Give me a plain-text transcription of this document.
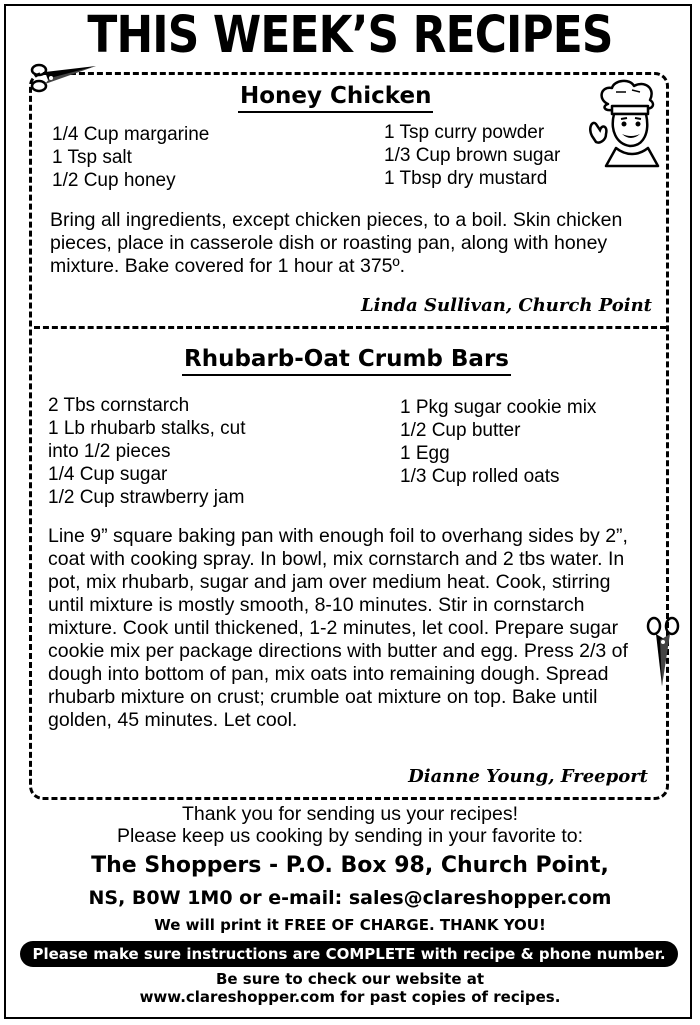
THIS WEEK’S RECIPES
Honey Chicken
1/4 Cup margarine
1 Tsp salt
1/2 Cup honey
1 Tsp curry powder
1/3 Cup brown sugar
1 Tbsp dry mustard
Bring all ingredients, except chicken pieces, to a boil. Skin chicken pieces, place in casserole dish or roasting pan, along with honey mixture. Bake covered for 1 hour at 375º.
Linda Sullivan, Church Point
Rhubarb-Oat Crumb Bars
2 Tbs cornstarch
1 Lb rhubarb stalks, cut
into 1/2 pieces
1/4 Cup sugar
1/2 Cup strawberry jam
1 Pkg sugar cookie mix
1/2 Cup butter
1 Egg
1/3 Cup rolled oats
Line 9” square baking pan with enough foil to overhang sides by 2”, coat with cooking spray. In bowl, mix cornstarch and 2 tbs water. In pot, mix rhubarb, sugar and jam over medium heat. Cook, stirring until mixture is mostly smooth, 8-10 minutes. Stir in cornstarch mixture. Cook until thickened, 1-2 minutes, let cool. Prepare sugar cookie mix per package directions with butter and egg. Press 2/3 of dough into bottom of pan, mix oats into remaining dough. Spread rhubarb mixture on crust; crumble oat mixture on top. Bake until golden, 45 minutes. Let cool.
Dianne Young, Freeport
Thank you for sending us your recipes!
Please keep us cooking by sending in your favorite to:
The Shoppers - P.O. Box 98, Church Point,
NS, B0W 1M0 or e-mail: sales@clareshopper.com
We will print it FREE OF CHARGE. THANK YOU!
Please make sure instructions are COMPLETE with recipe & phone number.
Be sure to check our website at
www.clareshopper.com for past copies of recipes.
